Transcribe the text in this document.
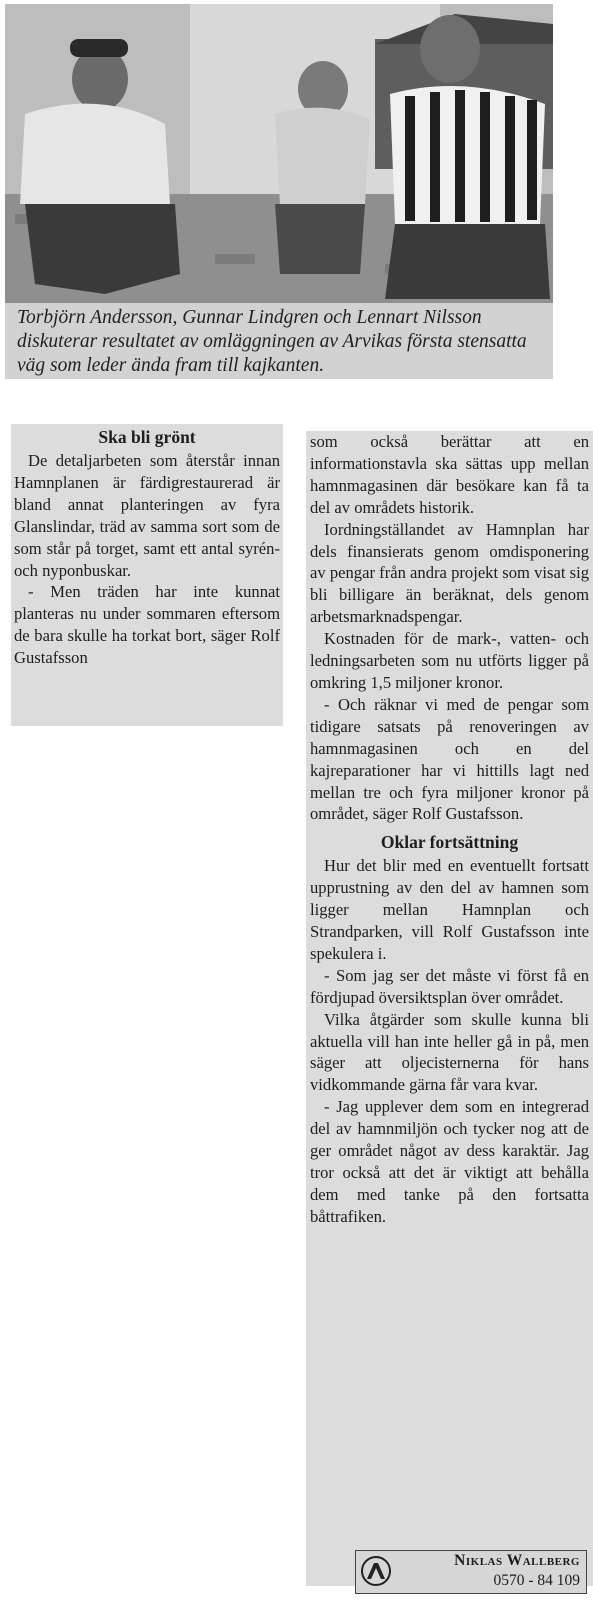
Torbjörn Andersson, Gunnar Lindgren och Lennart Nilsson diskuterar resultatet av omläggningen av Arvikas första stensatta väg som leder ända fram till kajkanten.

Ska bli grönt

De detaljarbeten som återstår innan Hamnplanen är färdigrestaurerad är bland annat planteringen av fyra Glanslindar, träd av samma sort som de som står på torget, samt ett antal syrén- och nyponbuskar.

- Men träden har inte kunnat planteras nu under sommaren eftersom de bara skulle ha torkat bort, säger Rolf Gustafsson

som också berättar att en informationstavla ska sättas upp mellan hamnmagasinen där besökare kan få ta del av områdets historik.

Iordningställandet av Hamnplan har dels finansierats genom omdisponering av pengar från andra projekt som visat sig bli billigare än beräknat, dels genom arbetsmarknadspengar.

Kostnaden för de mark-, vatten- och ledningsarbeten som nu utförts ligger på omkring 1,5 miljoner kronor.

- Och räknar vi med de pengar som tidigare satsats på renoveringen av hamnmagasinen och en del kajreparationer har vi hittills lagt ned mellan tre och fyra miljoner kronor på området, säger Rolf Gustafsson.

Oklar fortsättning

Hur det blir med en eventuellt fortsatt upprustning av den del av hamnen som ligger mellan Hamnplan och Strandparken, vill Rolf Gustafsson inte spekulera i.

- Som jag ser det måste vi först få en fördjupad översiktsplan över området.

Vilka åtgärder som skulle kunna bli aktuella vill han inte heller gå in på, men säger att oljecisternerna för hans vidkommande gärna får vara kvar.

- Jag upplever dem som en integrerad del av hamnmiljön och tycker nog att de ger området något av dess karaktär. Jag tror också att det är viktigt att behålla dem med tanke på den fortsatta båttrafiken.

Niklas Wallberg
0570 - 84 109
